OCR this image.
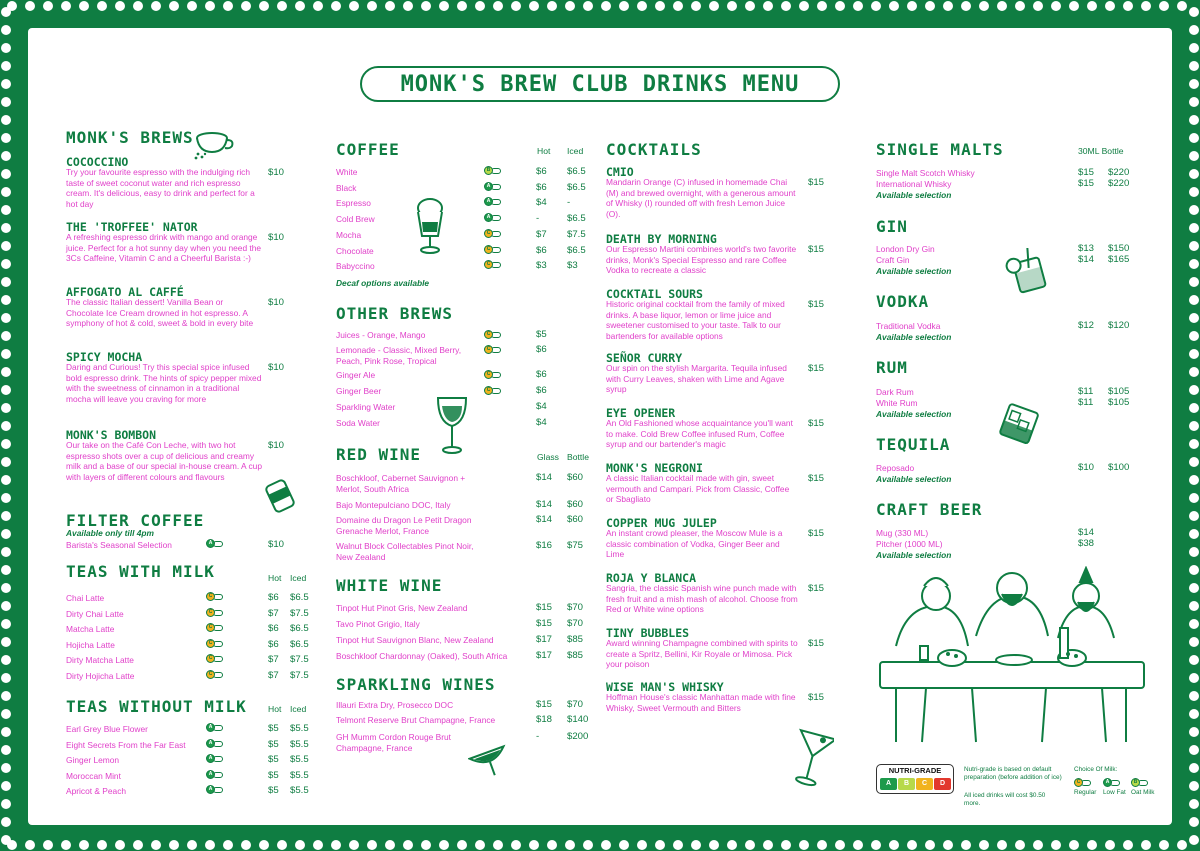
MONK'S BREW CLUB DRINKS MENU
MONK'S BREWS
COCOCCINO
Try your favourite espresso with the indulging rich taste of sweet coconut water and rich espresso cream. It's delicious, easy to drink and perfect for a hot day
$10
THE 'TROFFEE' NATOR
A refreshing espresso drink with mango and orange juice. Perfect for a hot sunny day when you need the 3Cs Caffeine, Vitamin C and a Cheerful Barista :-)
$10
AFFOGATO AL CAFFÉ
The classic Italian dessert! Vanilla Bean or Chocolate Ice Cream drowned in hot espresso. A symphony of hot & cold, sweet & bold in every bite
$10
SPICY MOCHA
Daring and Curious! Try this special spice infused bold espresso drink. The hints of spicy pepper mixed with the sweetness of cinnamon in a traditional mocha will leave you craving for more
$10
MONK'S BOMBON
Our take on the Café Con Leche, with two hot espresso shots over a cup of delicious and creamy milk and a base of our special in-house cream. A cup with layers of different colours and flavours
$10
FILTER COFFEE
Available only till 4pm
Barista's Seasonal Selection	A	$10
TEAS WITH MILK	Hot Iced
Chai Latte	C	$6 $6.5
Dirty Chai Latte	C	$7 $7.5
Matcha Latte	C	$6 $6.5
Hojicha Latte	C	$6 $6.5
Dirty Matcha Latte	C	$7 $7.5
Dirty Hojicha Latte	C	$7 $7.5
TEAS WITHOUT MILK Hot Iced
Earl Grey Blue Flower	A	$5 $5.5
Eight Secrets From the Far East	A	$5 $5.5
Ginger Lemon	A	$5 $5.5
Moroccan Mint	A	$5 $5.5
Apricot & Peach	A	$5 $5.5
COFFEE	Hot Iced
White	B	$6 $6.5
Black	A	$6 $6.5
Espresso	A	$4 -
Cold Brew	A	-	$6.5
Mocha	C	$7 $7.5
Chocolate	C	$6 $6.5
Babyccino	C	$3 $3
Decaf options available
OTHER BREWS
Juices - Orange, Mango	C	$5
Lemonade - Classic, Mixed Berry, Peach, Pink Rose, Tropical
C	$6
Ginger Ale	C	$6
Ginger Beer	C	$6
Sparkling Water	$4
Soda Water	$4
RED WINE	Glass Bottle
Boschkloof, Cabernet Sauvignon + Merlot, South Africa
$14 $60
Bajo Montepulciano DOC, Italy	$14 $60
Domaine du Dragon Le Petit Dragon Grenache Merlot, France
$14 $60
Walnut Block Collectables Pinot Noir, New Zealand
$16 $75
WHITE WINE
Tinpot Hut Pinot Gris, New Zealand	$15 $70
Tavo Pinot Grigio, Italy	$15 $70
Tinpot Hut Sauvignon Blanc, New Zealand	$17 $85
Boschkloof Chardonnay (Oaked), South Africa	$17 $85
SPARKLING WINES
Illauri Extra Dry, Prosecco DOC	$15 $70
Telmont Reserve Brut Champagne, France	$18 $140
GH Mumm Cordon Rouge Brut Champagne, France
-	$200
COCKTAILS
CMIO
Mandarin Orange (C) infused in homemade Chai (M) and brewed overnight, with a generous amount of Whisky (I) rounded off with fresh Lemon Juice (O).
$15
DEATH BY MORNING
Our Espresso Martini combines world's two favorite drinks, Monk's Special Espresso and rare Coffee Vodka to recreate a classic
$15
COCKTAIL SOURS
Historic original cocktail from the family of mixed drinks. A base liquor, lemon or lime juice and sweetener customised to your taste. Talk to our bartenders for available options
$15
SEÑOR CURRY
Our spin on the stylish Margarita. Tequila infused with Curry Leaves, shaken with Lime and Agave syrup
$15
EYE OPENER
An Old Fashioned whose acquaintance you'll want to make. Cold Brew Coffee infused Rum, Coffee syrup and our bartender's magic
$15
MONK'S NEGRONI
A classic Italian cocktail made with gin, sweet vermouth and Campari. Pick from Classic, Coffee or Sbagliato
$15
COPPER MUG JULEP
An instant crowd pleaser, the Moscow Mule is a classic combination of Vodka, Ginger Beer and Lime
$15
ROJA Y BLANCA
Sangria, the classic Spanish wine punch made with fresh fruit and a mish mash of alcohol. Choose from Red or White wine options
$15
TINY BUBBLES
Award winning Champagne combined with spirits to create a Spritz, Bellini, Kir Royale or Mimosa. Pick your poison
$15
WISE MAN'S WHISKY
Hoffman House's classic Manhattan made with fine Whisky, Sweet Vermouth and Bitters
$15
30ML Bottle
SINGLE MALTS
Single Malt Scotch Whisky	$15 $220
International Whisky	$15 $220
Available selection
GIN
London Dry Gin	$13 $150
Craft Gin	$14 $165
Available selection
VODKA
Traditional Vodka	$12 $120
Available selection
RUM
Dark Rum	$11 $105
White Rum	$11 $105
Available selection
TEQUILA
Reposado	$10 $100
Available selection
CRAFT BEER
Mug (330 ML)	$14
Pitcher (1000 ML)	$38
Available selection
NUTRI-GRADE
A	B	C	D
Nutri-grade is based on default preparation (before addition of ice)
All iced drinks will cost $0.50 more.
Choice Of Milk:
C
Regular
A
Low Fat
B
Oat Milk
